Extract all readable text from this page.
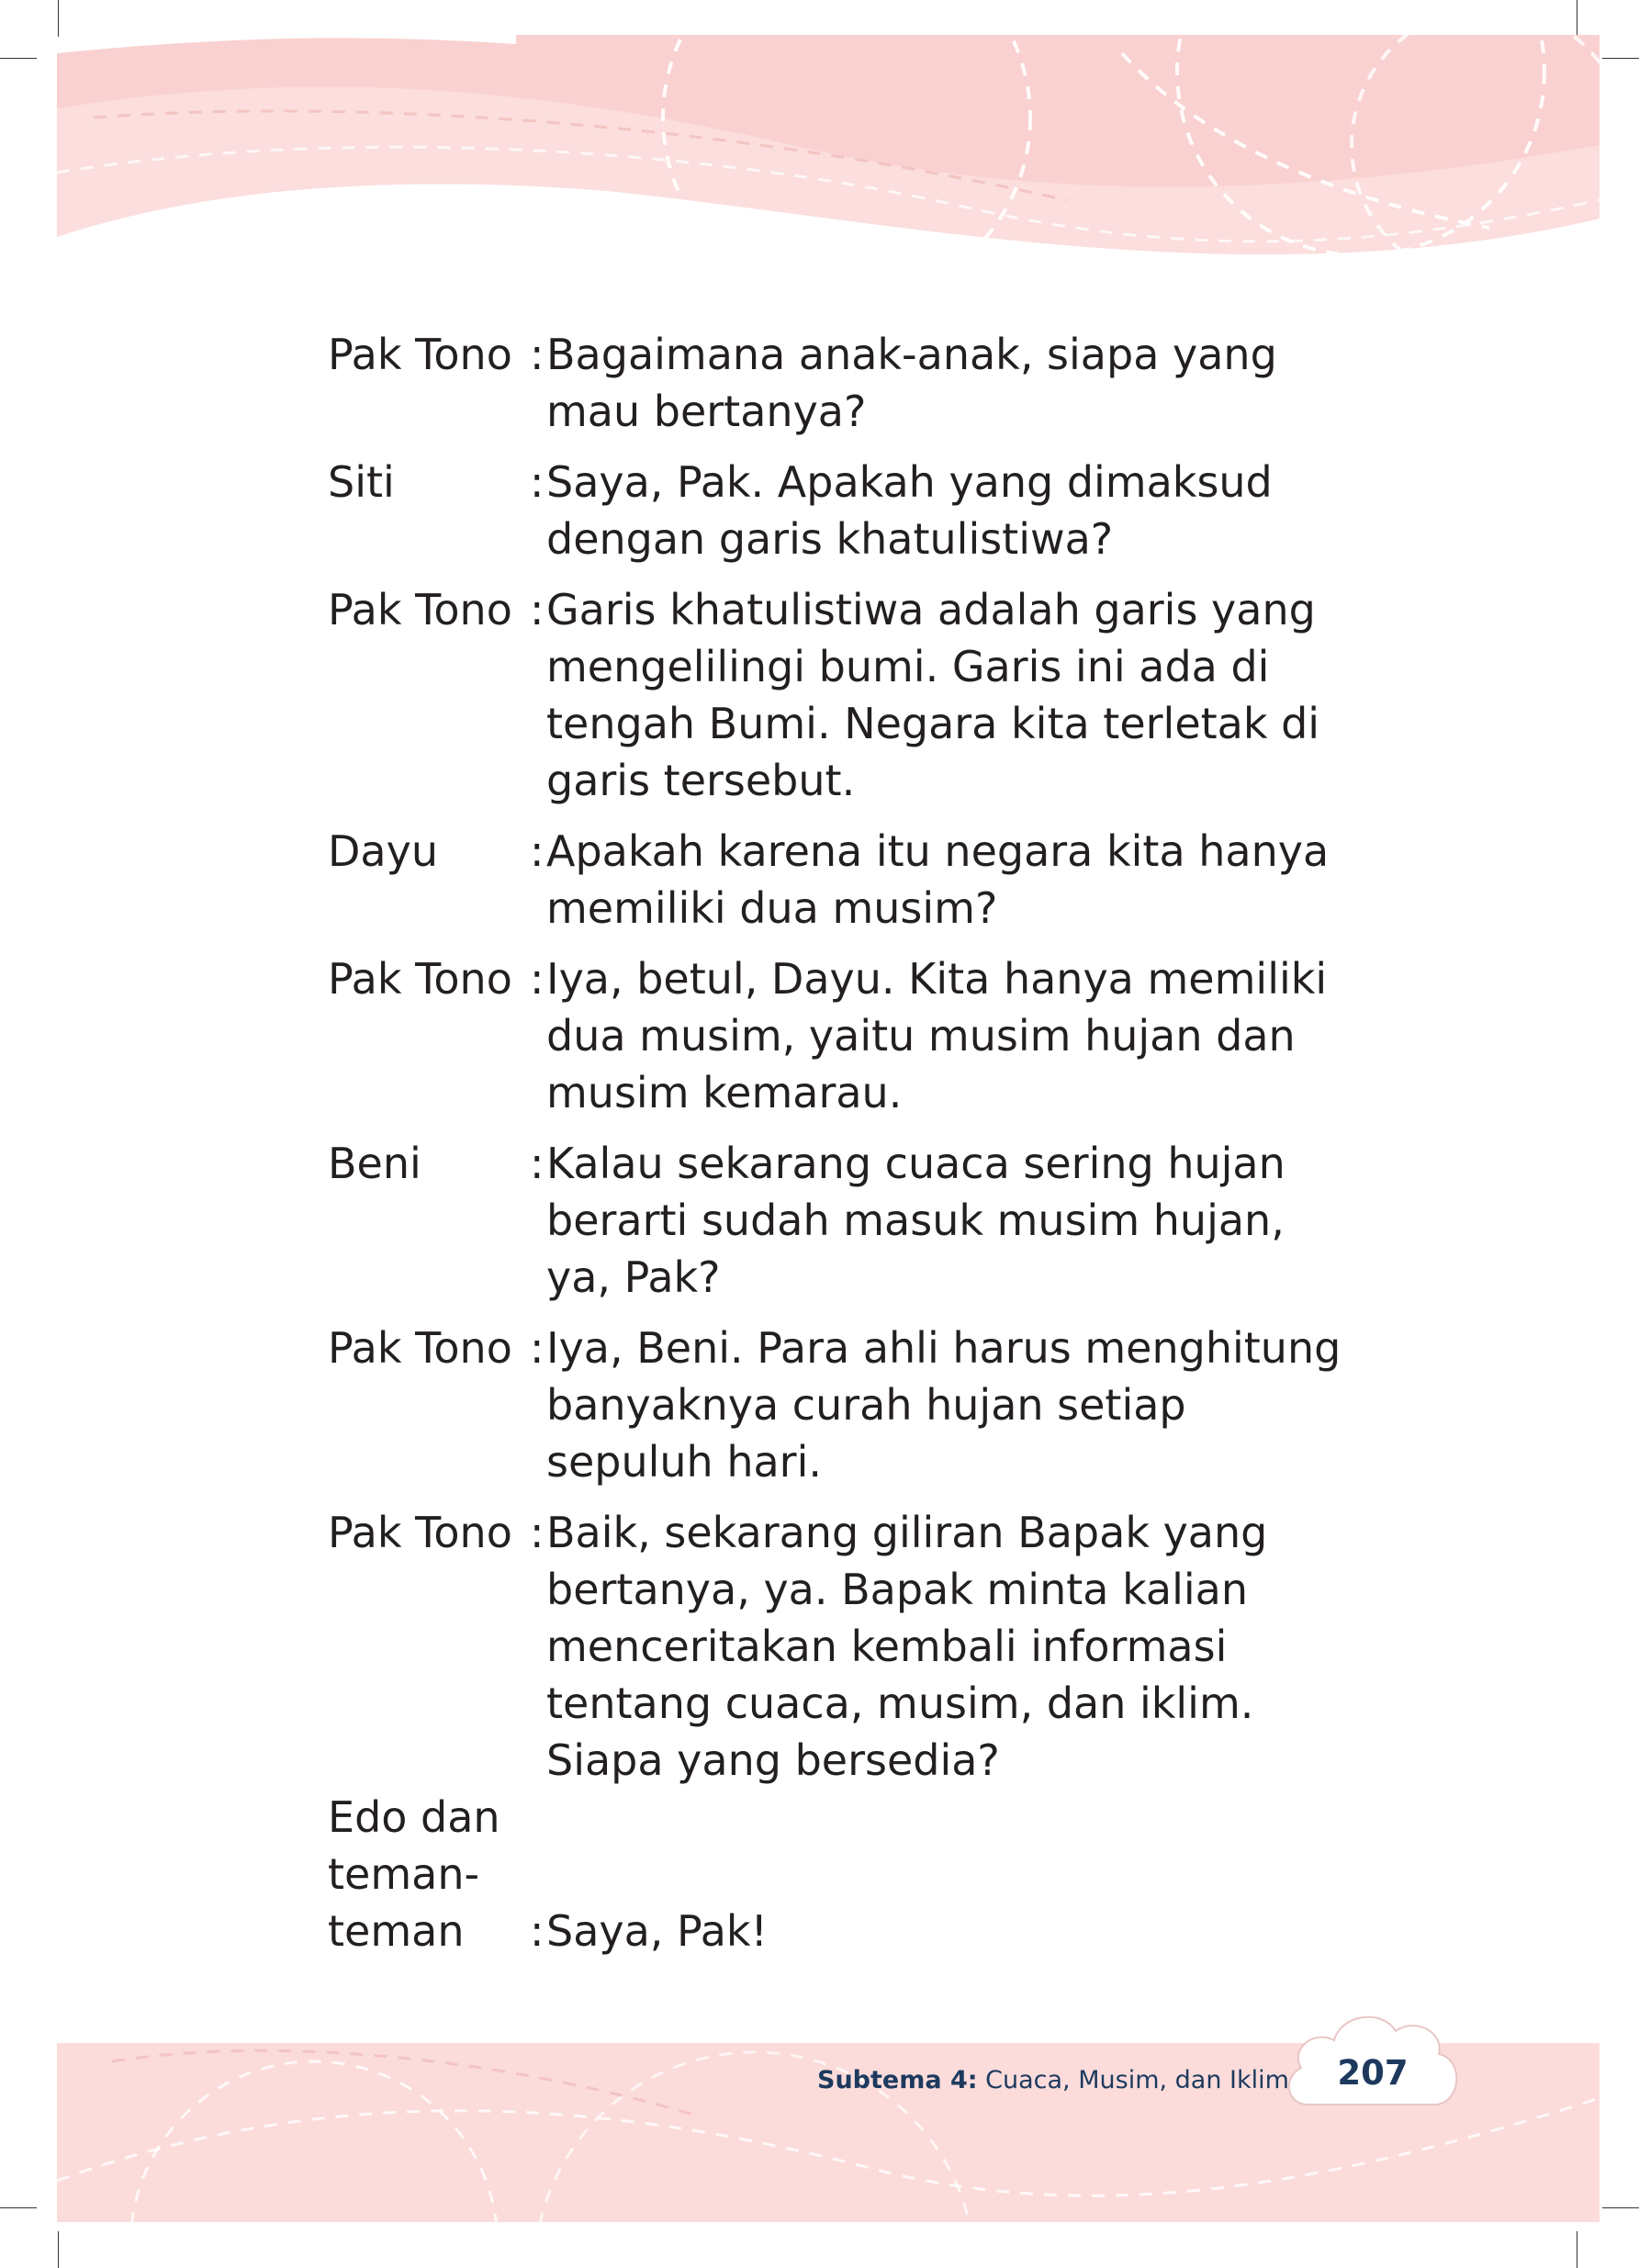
Pak Tono : Bagaimana anak-anak, siapa yang
mau bertanya?
Siti	: Saya, Pak. Apakah yang dimaksud
dengan garis khatulistiwa?
Pak Tono : Garis khatulistiwa adalah garis yang
mengelilingi bumi. Garis ini ada di
tengah Bumi. Negara kita terletak di
garis tersebut.
Dayu	: Apakah karena itu negara kita hanya
memiliki dua musim?
Pak Tono : Iya, betul, Dayu. Kita hanya memiliki
dua musim, yaitu musim hujan dan
musim kemarau.
Beni	: Kalau sekarang cuaca sering hujan
berarti sudah masuk musim hujan,
ya, Pak?
Pak Tono : Iya, Beni. Para ahli harus menghitung
banyaknya curah hujan setiap
sepuluh hari.
Pak Tono : Baik, sekarang giliran Bapak yang
bertanya, ya. Bapak minta kalian
menceritakan kembali informasi
tentang cuaca, musim, dan iklim.
Siapa yang bersedia?
Edo dan
teman-
teman	: Saya, Pak!
Subtema 4: Cuaca, Musim, dan Iklim	207
